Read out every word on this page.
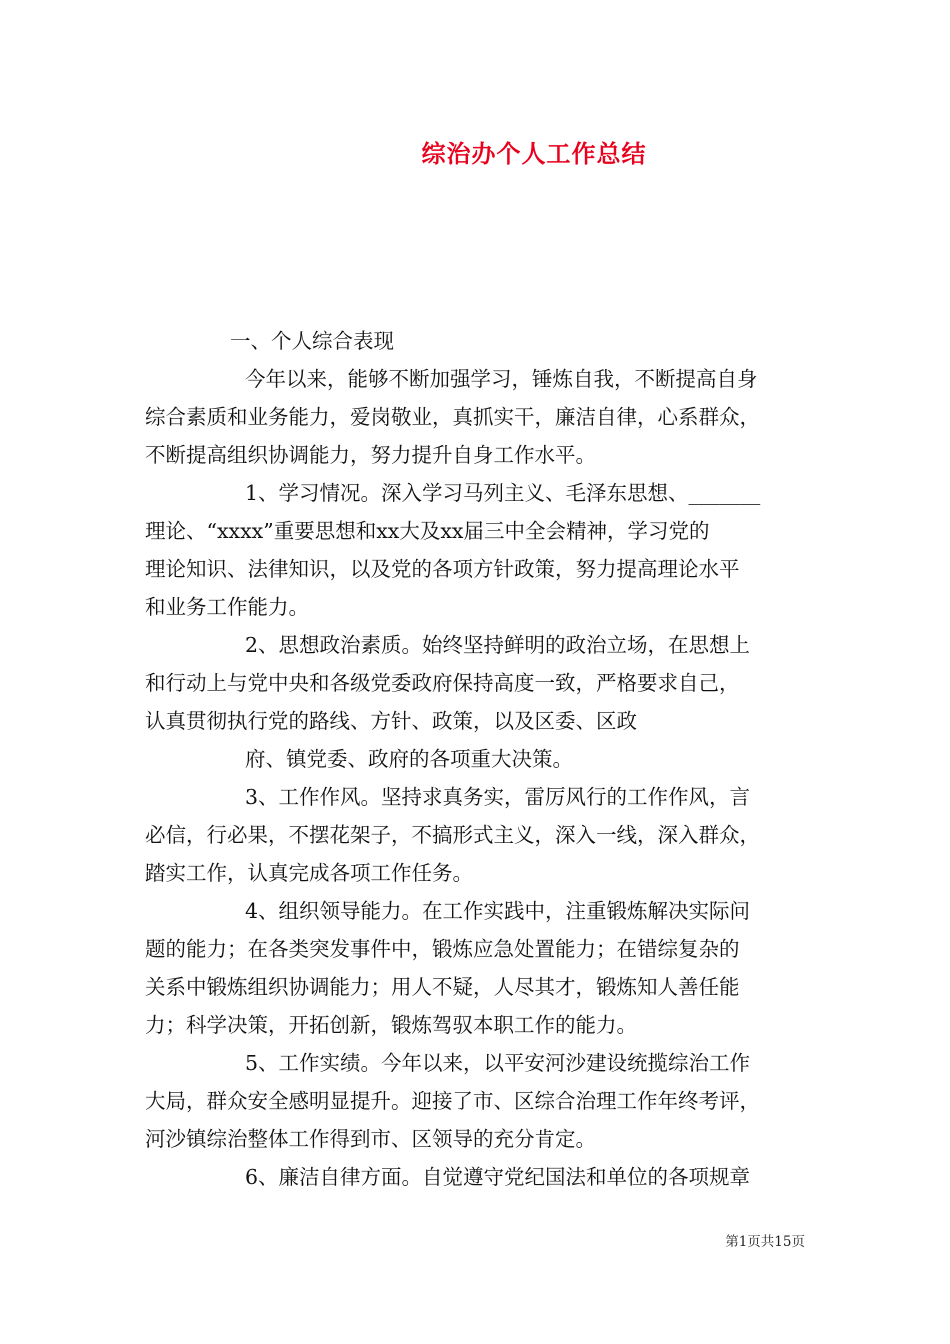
综治办个人工作总结
一、个人综合表现
今年以来，能够不断加强学习，锤炼自我，不断提高自身
综合素质和业务能力，爱岗敬业，真抓实干，廉洁自律，心系群众，
不断提高组织协调能力，努力提升自身工作水平。
1、学习情况。深入学习马列主义、毛泽东思想、_______
理论、“xxxx”重要思想和xx大及xx届三中全会精神，学习党的
理论知识、法律知识，以及党的各项方针政策，努力提高理论水平
和业务工作能力。
2、思想政治素质。始终坚持鲜明的政治立场，在思想上
和行动上与党中央和各级党委政府保持高度一致，严格要求自己，
认真贯彻执行党的路线、方针、政策，以及区委、区政
府、镇党委、政府的各项重大决策。
3、工作作风。坚持求真务实，雷厉风行的工作作风，言
必信，行必果，不摆花架子，不搞形式主义，深入一线，深入群众，
踏实工作，认真完成各项工作任务。
4、组织领导能力。在工作实践中，注重锻炼解决实际问
题的能力；在各类突发事件中，锻炼应急处置能力；在错综复杂的
关系中锻炼组织协调能力；用人不疑，人尽其才，锻炼知人善任能
力；科学决策，开拓创新，锻炼驾驭本职工作的能力。
5、工作实绩。今年以来，以平安河沙建设统揽综治工作
大局，群众安全感明显提升。迎接了市、区综合治理工作年终考评，
河沙镇综治整体工作得到市、区领导的充分肯定。
6、廉洁自律方面。自觉遵守党纪国法和单位的各项规章
第1页共15页
